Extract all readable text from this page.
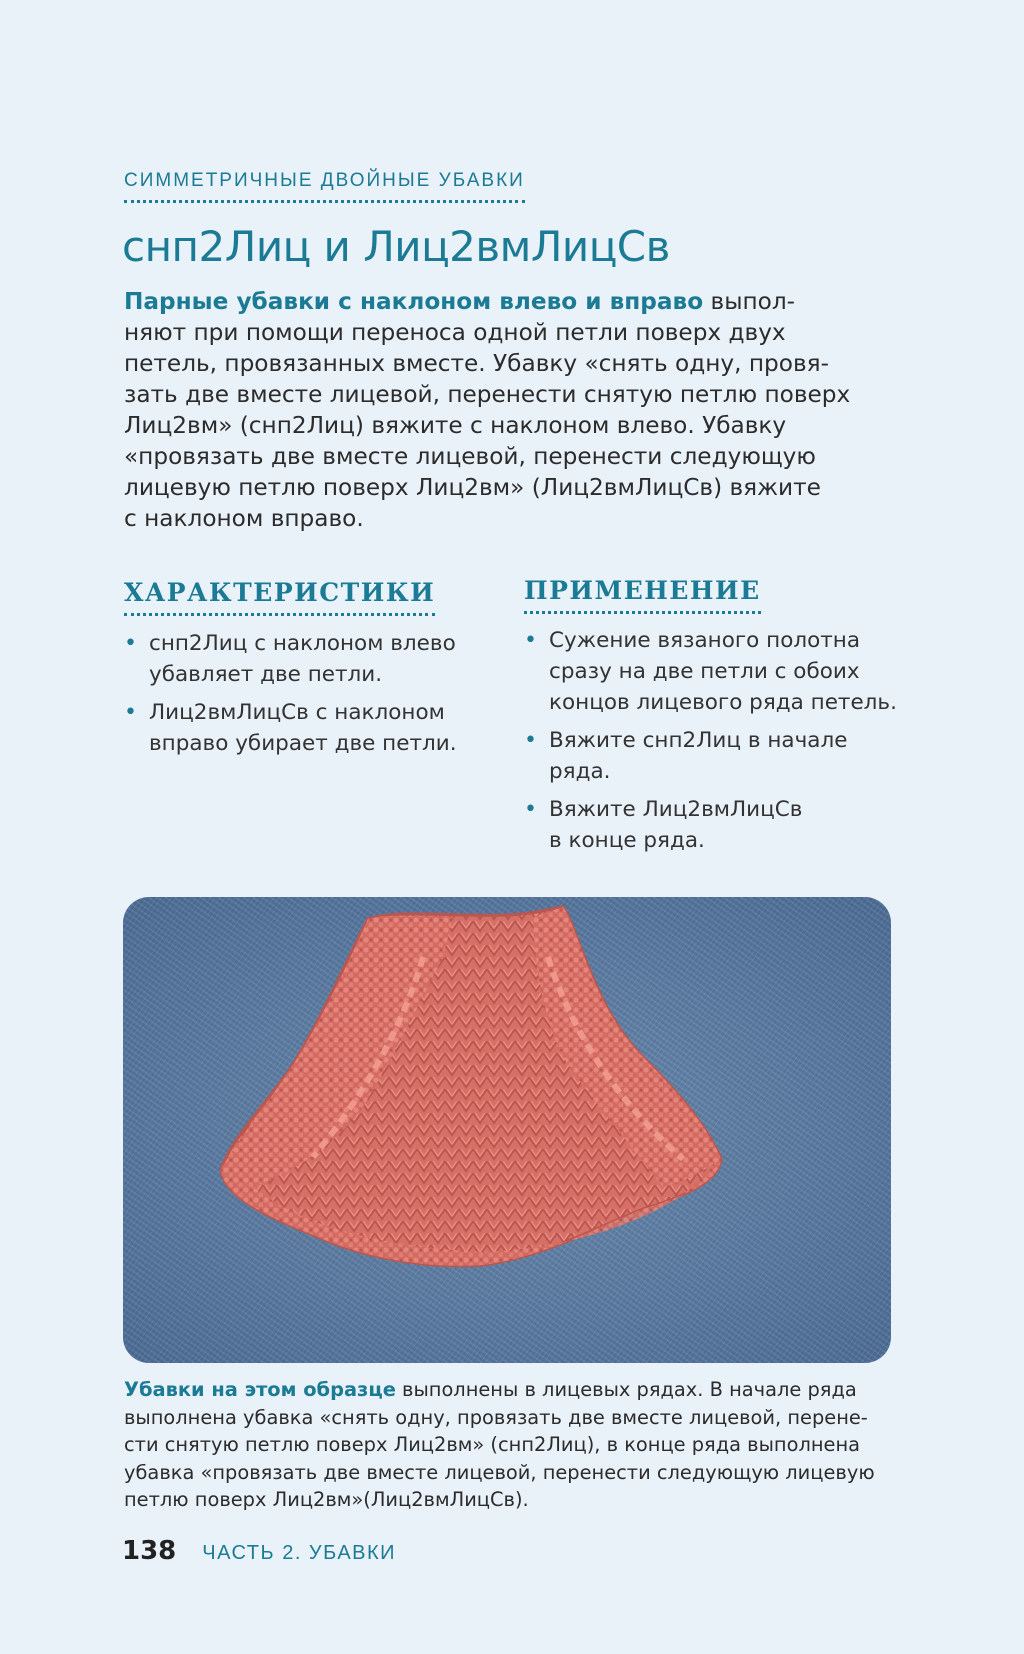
СИММЕТРИЧНЫЕ ДВОЙНЫЕ УБАВКИ
снп2Лиц и Лиц2вмЛицСв

Парные убавки с наклоном влево и вправо выпол-
няют при помощи переноса одной петли поверх двух
петель, провязанных вместе. Убавку «снять одну, провя-
зать две вместе лицевой, перенести снятую петлю поверх
Лиц2вм» (снп2Лиц) вяжите с наклоном влево. Убавку
«провязать две вместе лицевой, перенести следующую
лицевую петлю поверх Лиц2вм» (Лиц2вмЛицСв) вяжите
с наклоном вправо.

ХАРАКТЕРИСТИКИ
• снп2Лиц с наклоном влево
убавляет две петли.
• Лиц2вмЛицСв с наклоном
вправо убирает две петли.
ПРИМЕНЕНИЕ
• Сужение вязаного полотна
сразу на две петли с обоих
концов лицевого ряда петель.
• Вяжите снп2Лиц в начале
ряда.
• Вяжите Лиц2вмЛицСв
в конце ряда.

Убавки на этом образце выполнены в лицевых рядах. В начале ряда
выполнена убавка «снять одну, провязать две вместе лицевой, перене-
сти снятую петлю поверх Лиц2вм» (снп2Лиц), в конце ряда выполнена
убавка «провязать две вместе лицевой, перенести следующую лицевую
петлю поверх Лиц2вм»(Лиц2вмЛицСв).

138 ЧАСТЬ 2. УБАВКИ
